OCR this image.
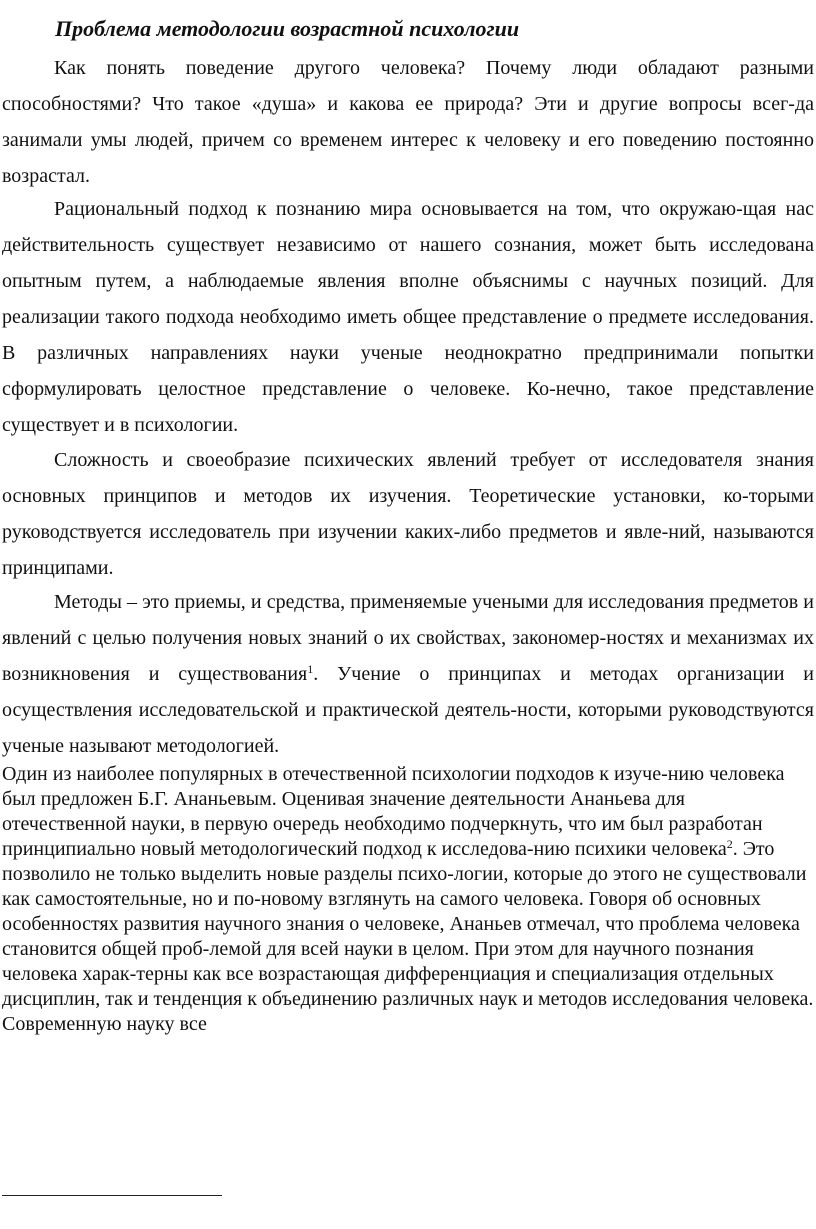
Проблема методологии возрастной психологии

Как понять поведение другого человека? Почему люди обладают разными способностями? Что такое «душа» и какова ее природа? Эти и другие вопросы всег-да занимали умы людей, причем со временем интерес к человеку и его поведению постоянно возрастал.

Рациональный подход к познанию мира основывается на том, что окружаю-щая нас действительность существует независимо от нашего сознания, может быть исследована опытным путем, а наблюдаемые явления вполне объяснимы с научных позиций. Для реализации такого подхода необходимо иметь общее представление о предмете исследования. В различных направлениях науки ученые неоднократно предпринимали попытки сформулировать целостное представление о человеке. Ко-нечно, такое представление существует и в психологии.

Сложность и своеобразие психических явлений требует от исследователя знания основных принципов и методов их изучения. Теоретические установки, ко-торыми руководствуется исследователь при изучении каких-либо предметов и явле-ний, называются принципами.

Методы – это приемы, и средства, применяемые учеными для исследования предметов и явлений с целью получения новых знаний о их свойствах, закономер-ностях и механизмах их возникновения и существования$^1$. Учение о принципах и методах организации и осуществления исследовательской и практической деятель-ности, которыми руководствуются ученые называют методологией.

Один из наиболее популярных в отечественной психологии подходов к изуче-нию человека был предложен Б.Г. Ананьевым. Оценивая значение деятельности Ананьева для отечественной науки, в первую очередь необходимо подчеркнуть, что им был разработан принципиально новый методологический подход к исследова-нию психики человека$^2$. Это позволило не только выделить новые разделы психо-логии, которые до этого не существовали как самостоятельные, но и по-новому взглянуть на самого человека. Говоря об основных особенностях развития научного знания о человеке, Ананьев отмечал, что проблема человека становится общей проб-лемой для всей науки в целом. При этом для научного познания человека харак-терны как все возрастающая дифференциация и специализация отдельных дисциплин, так и тенденция к объединению различных наук и методов исследования человека. Современную науку все
